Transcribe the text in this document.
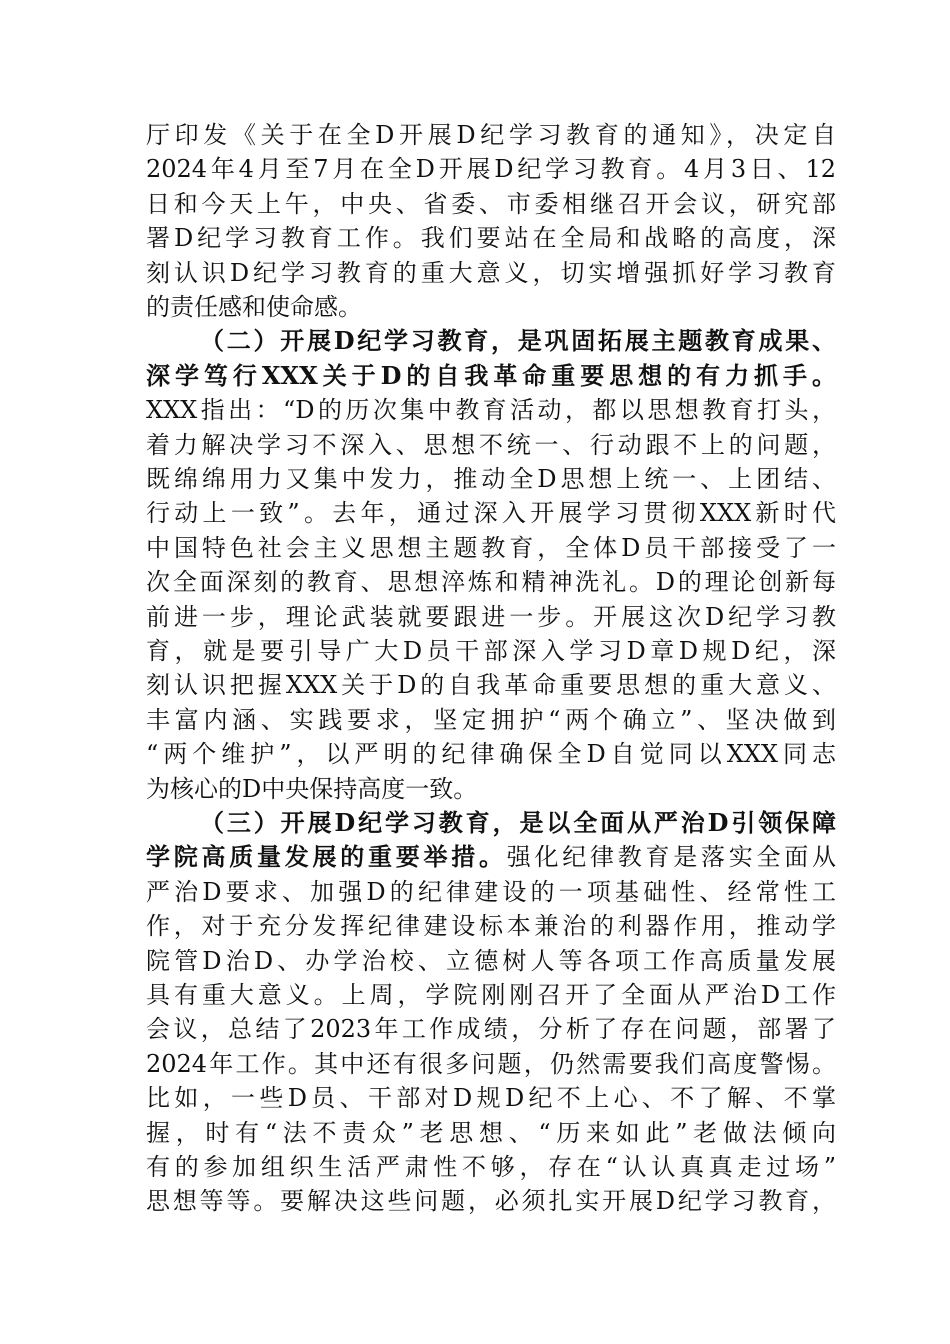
厅印发《关于在全D开展D纪学习教育的通知》，决定自
2024年4月至7月在全D开展D纪学习教育。4月3日、12
日和今天上午，中央、省委、市委相继召开会议，研究部
署D纪学习教育工作。我们要站在全局和战略的高度，深
刻认识D纪学习教育的重大意义，切实增强抓好学习教育
的责任感和使命感。
（二）开展D纪学习教育，是巩固拓展主题教育成果、
深学笃行XXX关于D的自我革命重要思想的有力抓手。
XXX指出：“D的历次集中教育活动，都以思想教育打头，
着力解决学习不深入、思想不统一、行动跟不上的问题，
既绵绵用力又集中发力，推动全D思想上统一、上团结、
行动上一致”。去年，通过深入开展学习贯彻XXX新时代
中国特色社会主义思想主题教育，全体D员干部接受了一
次全面深刻的教育、思想淬炼和精神洗礼。D的理论创新每
前进一步，理论武装就要跟进一步。开展这次D纪学习教
育，就是要引导广大D员干部深入学习D章D规D纪，深
刻认识把握XXX关于D的自我革命重要思想的重大意义、
丰富内涵、实践要求，坚定拥护“两个确立”、坚决做到
“两个维护”，以严明的纪律确保全D自觉同以XXX同志
为核心的D中央保持高度一致。
（三）开展D纪学习教育，是以全面从严治D引领保障
学院高质量发展的重要举措。强化纪律教育是落实全面从
严治D要求、加强D的纪律建设的一项基础性、经常性工
作，对于充分发挥纪律建设标本兼治的利器作用，推动学
院管D治D、办学治校、立德树人等各项工作高质量发展
具有重大意义。上周，学院刚刚召开了全面从严治D工作
会议，总结了2023年工作成绩，分析了存在问题，部署了
2024年工作。其中还有很多问题，仍然需要我们高度警惕。
比如，一些D员、干部对D规D纪不上心、不了解、不掌
握，时有“法不责众”老思想、“历来如此”老做法倾向
有的参加组织生活严肃性不够，存在“认认真真走过场”
思想等等。要解决这些问题，必须扎实开展D纪学习教育，
